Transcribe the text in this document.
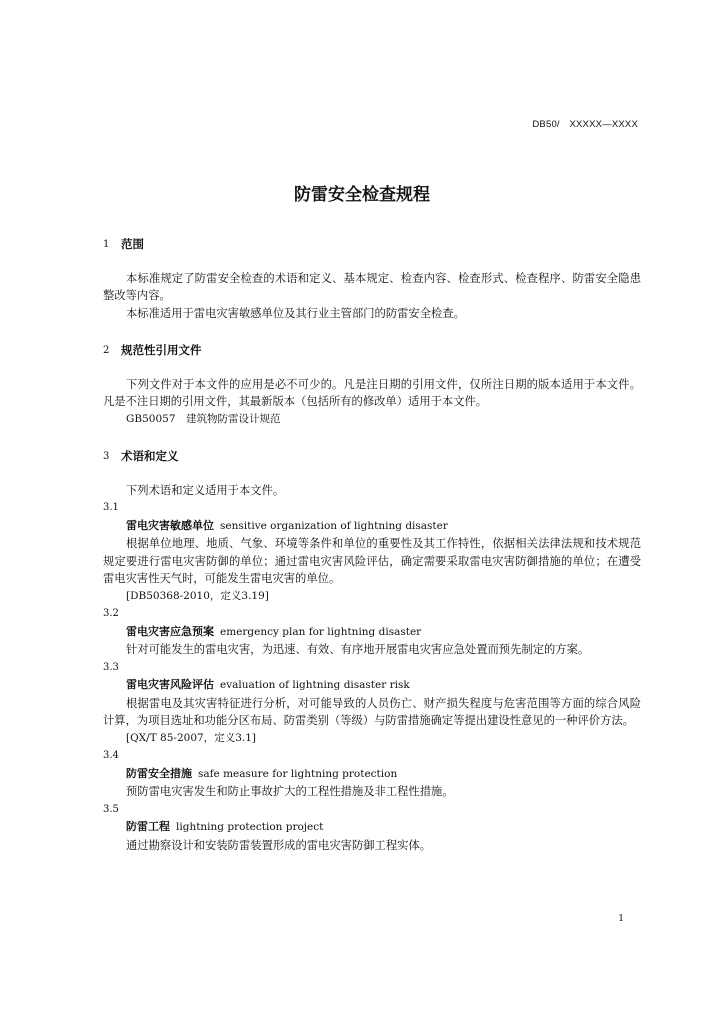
DB50/　XXXXX—XXXX
防雷安全检查规程
1	范围

本标准规定了防雷安全检查的术语和定义、基本规定、检查内容、检查形式、检查程序、防雷安全隐患整改等内容。

本标准适用于雷电灾害敏感单位及其行业主管部门的防雷安全检查。

2	规范性引用文件

下列文件对于本文件的应用是必不可少的。凡是注日期的引用文件，仅所注日期的版本适用于本文件。凡是不注日期的引用文件，其最新版本（包括所有的修改单）适用于本文件。

GB50057　建筑物防雷设计规范

3	术语和定义

下列术语和定义适用于本文件。

3.1

雷电灾害敏感单位 sensitive organization of lightning disaster

根据单位地理、地质、气象、环境等条件和单位的重要性及其工作特性，依据相关法律法规和技术规范规定要进行雷电灾害防御的单位；通过雷电灾害风险评估，确定需要采取雷电灾害防御措施的单位；在遭受雷电灾害性天气时，可能发生雷电灾害的单位。

[DB50368-2010，定义3.19]

3.2

雷电灾害应急预案 emergency plan for lightning disaster

针对可能发生的雷电灾害，为迅速、有效、有序地开展雷电灾害应急处置而预先制定的方案。

3.3

雷电灾害风险评估 evaluation of lightning disaster risk

根据雷电及其灾害特征进行分析，对可能导致的人员伤亡、财产损失程度与危害范围等方面的综合风险计算，为项目选址和功能分区布局、防雷类别（等级）与防雷措施确定等提出建设性意见的一种评价方法。

[QX/T 85-2007，定义3.1]

3.4

防雷安全措施 safe measure for lightning protection

预防雷电灾害发生和防止事故扩大的工程性措施及非工程性措施。

3.5

防雷工程 lightning protection project

通过勘察设计和安装防雷装置形成的雷电灾害防御工程实体。

1
